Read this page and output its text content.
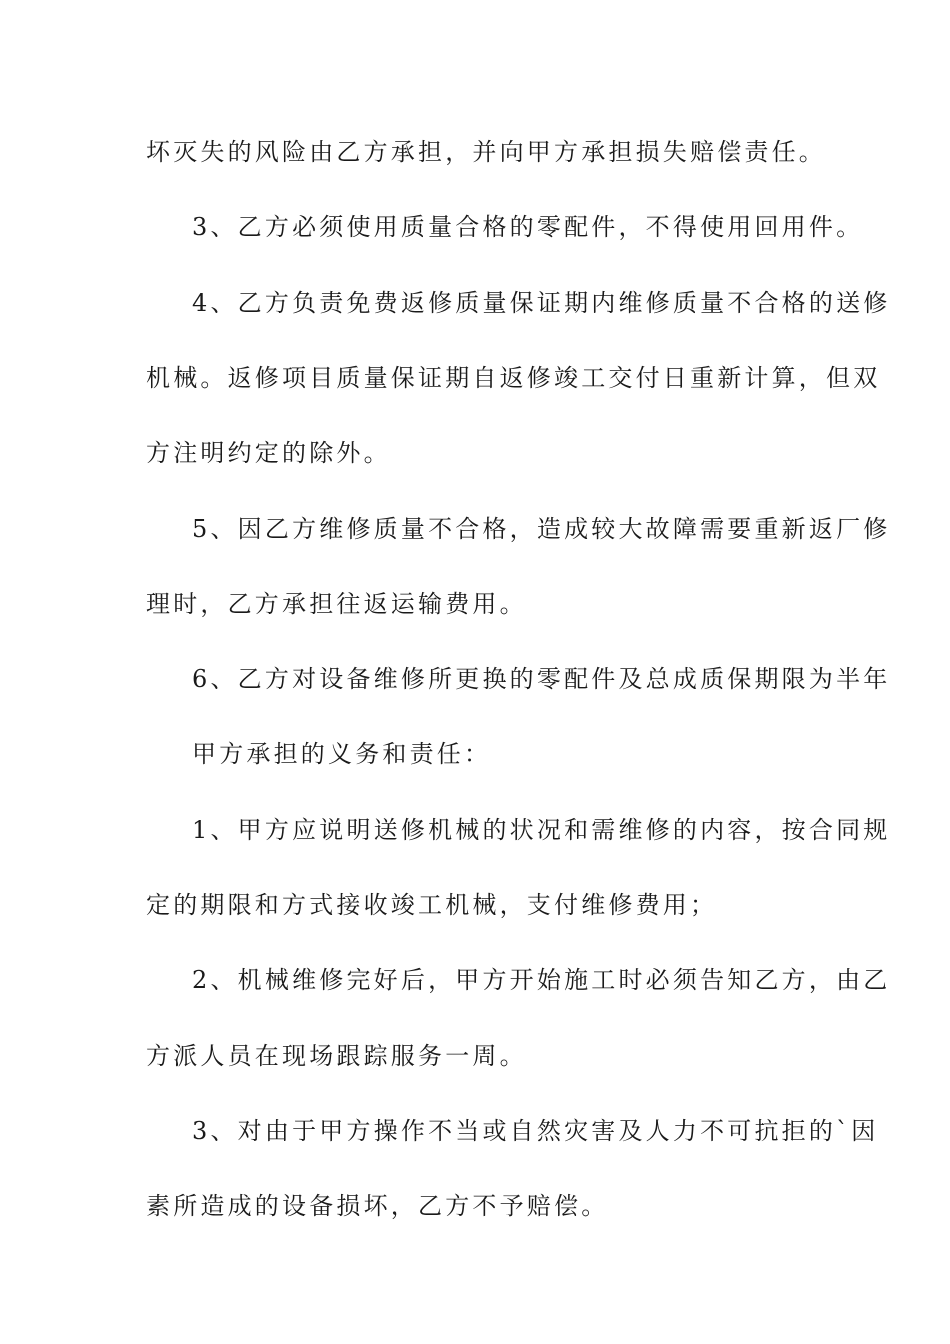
坏灭失的风险由乙方承担，并向甲方承担损失赔偿责任。
3、乙方必须使用质量合格的零配件，不得使用回用件。
4、乙方负责免费返修质量保证期内维修质量不合格的送修
机械。返修项目质量保证期自返修竣工交付日重新计算，但双
方注明约定的除外。
5、因乙方维修质量不合格，造成较大故障需要重新返厂修
理时，乙方承担往返运输费用。
6、乙方对设备维修所更换的零配件及总成质保期限为半年
甲方承担的义务和责任：
1、甲方应说明送修机械的状况和需维修的内容，按合同规
定的期限和方式接收竣工机械，支付维修费用；
2、机械维修完好后，甲方开始施工时必须告知乙方，由乙
方派人员在现场跟踪服务一周。
3、对由于甲方操作不当或自然灾害及人力不可抗拒的`因
素所造成的设备损坏，乙方不予赔偿。
